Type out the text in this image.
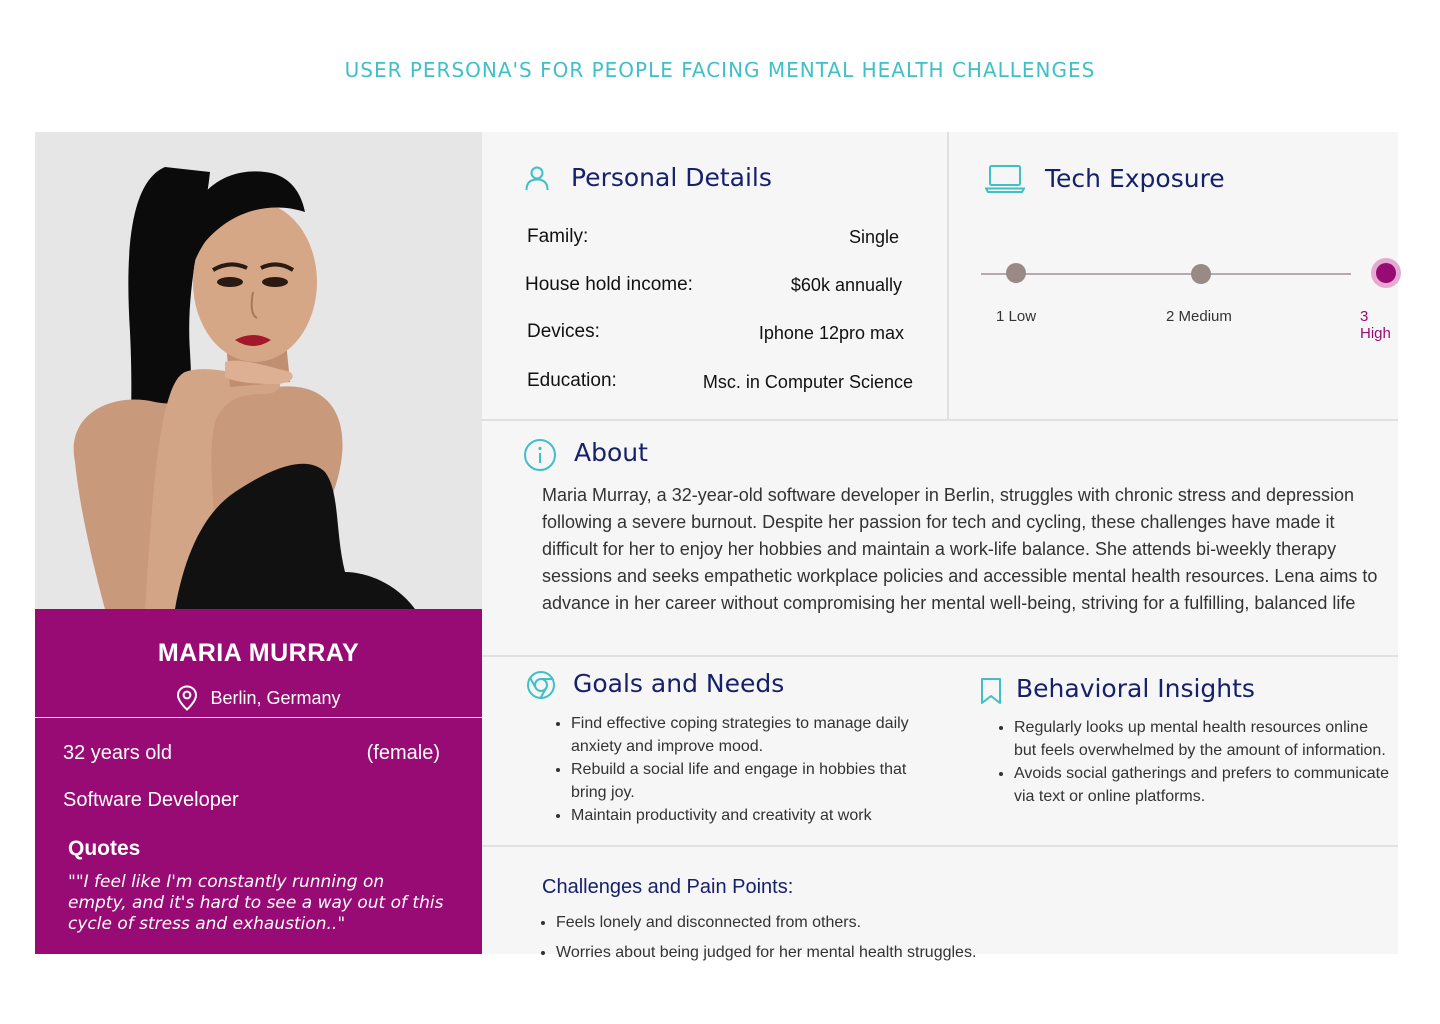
USER PERSONA'S FOR PEOPLE FACING MENTAL HEALTH CHALLENGES
MARIA MURRAY
Berlin, Germany
32 years old	(female)
Software Developer
Quotes
""I feel like I'm constantly running on empty, and it's hard to see a way out of this cycle of stress and exhaustion.."
Personal Details
Family:	Single
House hold income:	$60k annually
Devices:	Iphone 12pro max
Education:	Msc. in Computer Science
Tech Exposure
1 Low	2 Medium	3 High
About
Maria Murray, a 32-year-old software developer in Berlin, struggles with chronic stress and depression following a severe burnout. Despite her passion for tech and cycling, these challenges have made it difficult for her to enjoy her hobbies and maintain a work-life balance. She attends bi-weekly therapy sessions and seeks empathetic workplace policies and accessible mental health resources. Lena aims to advance in her career without compromising her mental well-being, striving for a fulfilling, balanced life
Goals and Needs
• Find effective coping strategies to manage daily anxiety and improve mood.
• Rebuild a social life and engage in hobbies that bring joy.
• Maintain productivity and creativity at work
Behavioral Insights
• Regularly looks up mental health resources online but feels overwhelmed by the amount of information.
• Avoids social gatherings and prefers to communicate via text or online platforms.
Challenges and Pain Points:
• Feels lonely and disconnected from others.
• Worries about being judged for her mental health struggles.
